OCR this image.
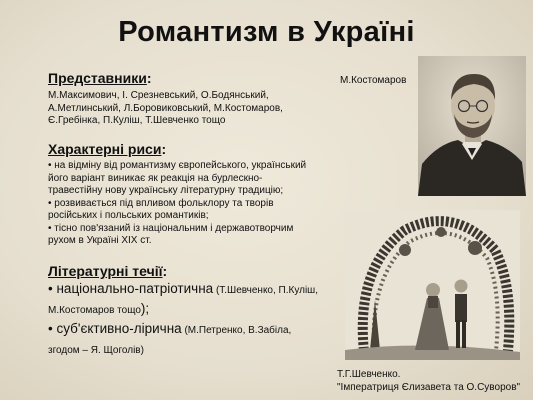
Романтизм в Україні
Представники:
М.Максимович, І. Срезневський, О.Бодянський,
А.Метлинський, Л.Боровиковський, М.Костомаров,
Є.Гребінка, П.Куліш, Т.Шевченко тощо
Характерні риси:
• на відміну від романтизму європейського, український
його варіант виникає як реакція на бурлескно-
травестійну нову українську літературну традицію;
• розвивається під впливом фольклору та творів
російських і польських романтиків;
• тісно пов'язаний із національним і державотворчим
рухом в Україні XIX ст.
Літературні течії:
• національно-патріотична (Т.Шевченко, П.Куліш,
М.Костомаров тощо);
• суб'єктивно-лірична (М.Петренко, В.Забіла,
згодом – Я. Щоголів)
М.Костомаров
Т.Г.Шевченко.
"Імператриця Єлизавета та О.Суворов"
